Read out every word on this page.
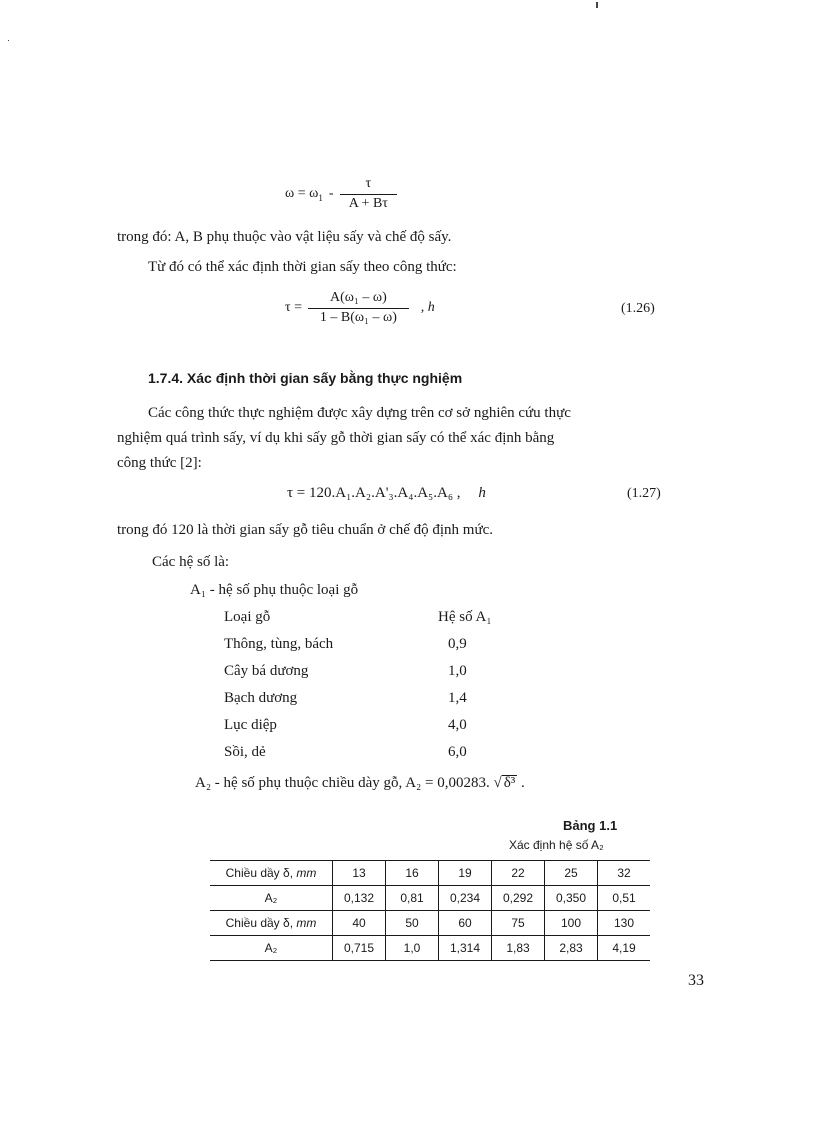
$\omega = \omega_1 - \frac{\tau}{A + B\tau}$
trong đó: A, B phụ thuộc vào vật liệu sấy và chế độ sấy.
Từ đó có thể xác định thời gian sấy theo công thức:
$\tau = \frac{\text{A(ω₁ – ω)}}{\text{1 – B(ω₁ – ω)}}$ , h	(1.26)
1.7.4. Xác định thời gian sấy bằng thực nghiệm
Các công thức thực nghiệm được xây dựng trên cơ sở nghiên cứu thực
nghiệm quá trình sấy, ví dụ khi sấy gỗ thời gian sấy có thể xác định bằng
công thức [2]:
τ = 120.A₁.A₂.A'₃.A₄.A₅.A₆ , h	(1.27)
trong đó 120 là thời gian sấy gỗ tiêu chuẩn ở chế độ định mức.
Các hệ số là:
A₁ - hệ số phụ thuộc loại gỗ
Loại gỗ	Hệ số A₁
Thông, tùng, bách	0,9
Cây bá dương	1,0
Bạch dương	1,4
Lục diệp	4,0
Sồi, dẻ	6,0
A₂ - hệ số phụ thuộc chiều dày gỗ, A₂ = 0,00283. √ δ³ .
Bảng 1.1
Xác định hệ số A₂
Chiều dầy δ, mm	13	16	19	22	25	32
A₂	0,132	0,81	0,234	0,292	0,350	0,51
Chiều dầy δ, mm	40	50	60	75	100	130
A₂	0,715	1,0	1,314	1,83	2,83	4,19
33
